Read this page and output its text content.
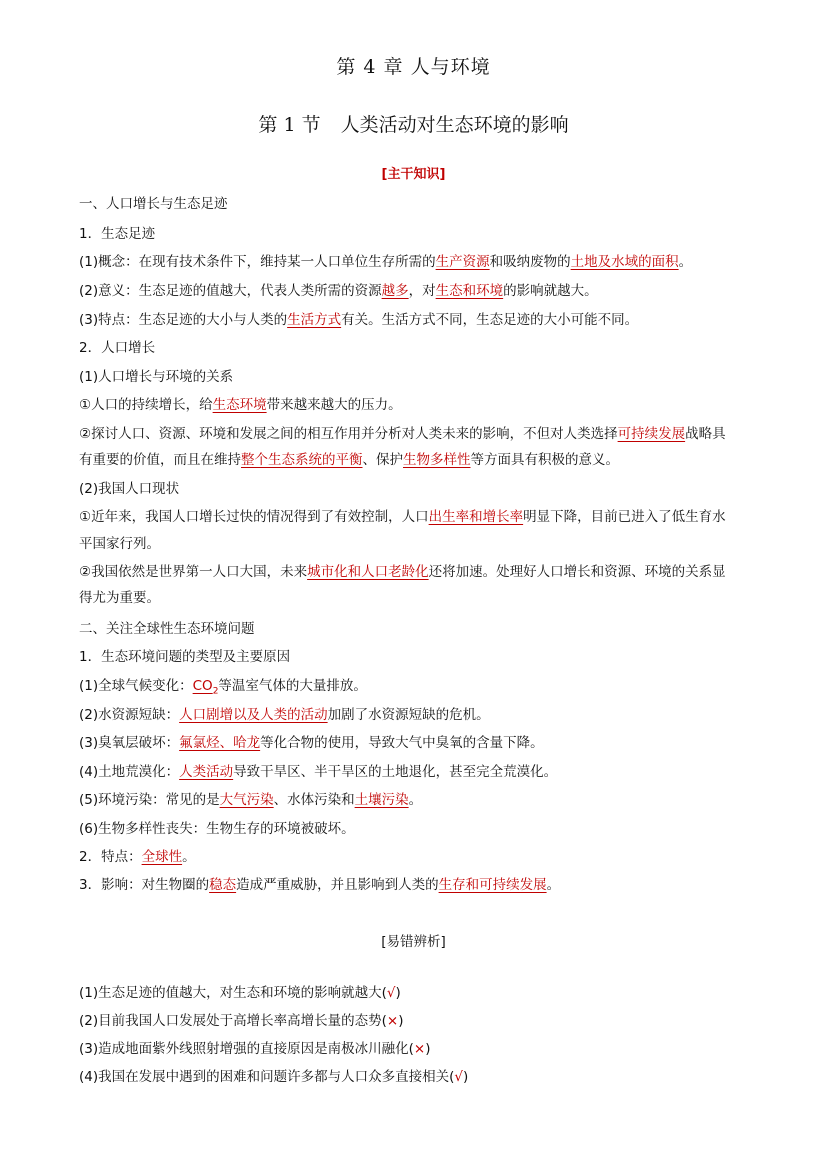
第 4 章 人与环境
第 1 节 人类活动对生态环境的影响
[主干知识]
一、人口增长与生态足迹
1．生态足迹
(1)概念：在现有技术条件下，维持某一人口单位生存所需的生产资源和吸纳废物的土地及水域的面积。
(2)意义：生态足迹的值越大，代表人类所需的资源越多，对生态和环境的影响就越大。
(3)特点：生态足迹的大小与人类的生活方式有关。生活方式不同，生态足迹的大小可能不同。
2．人口增长
(1)人口增长与环境的关系
①人口的持续增长，给生态环境带来越来越大的压力。
②探讨人口、资源、环境和发展之间的相互作用并分析对人类未来的影响，不但对人类选择可持续发展战略具
有重要的价值，而且在维持整个生态系统的平衡、保护生物多样性等方面具有积极的意义。
(2)我国人口现状
①近年来，我国人口增长过快的情况得到了有效控制，人口出生率和增长率明显下降，目前已进入了低生育水
平国家行列。
②我国依然是世界第一人口大国，未来城市化和人口老龄化还将加速。处理好人口增长和资源、环境的关系显
得尤为重要。
二、关注全球性生态环境问题
1．生态环境问题的类型及主要原因
(1)全球气候变化：$CO_2$等温室气体的大量排放。
(2)水资源短缺：人口剧增以及人类的活动加剧了水资源短缺的危机。
(3)臭氧层破坏：氟氯烃、哈龙等化合物的使用，导致大气中臭氧的含量下降。
(4)土地荒漠化：人类活动导致干旱区、半干旱区的土地退化，甚至完全荒漠化。
(5)环境污染：常见的是大气污染、水体污染和土壤污染。
(6)生物多样性丧失：生物生存的环境被破坏。
2．特点：全球性。
3．影响：对生物圈的稳态造成严重威胁，并且影响到人类的生存和可持续发展。
[易错辨析]
(1)生态足迹的值越大，对生态和环境的影响就越大(√)
(2)目前我国人口发展处于高增长率高增长量的态势(×)
(3)造成地面紫外线照射增强的直接原因是南极冰川融化(×)
(4)我国在发展中遇到的困难和问题许多都与人口众多直接相关(√)
